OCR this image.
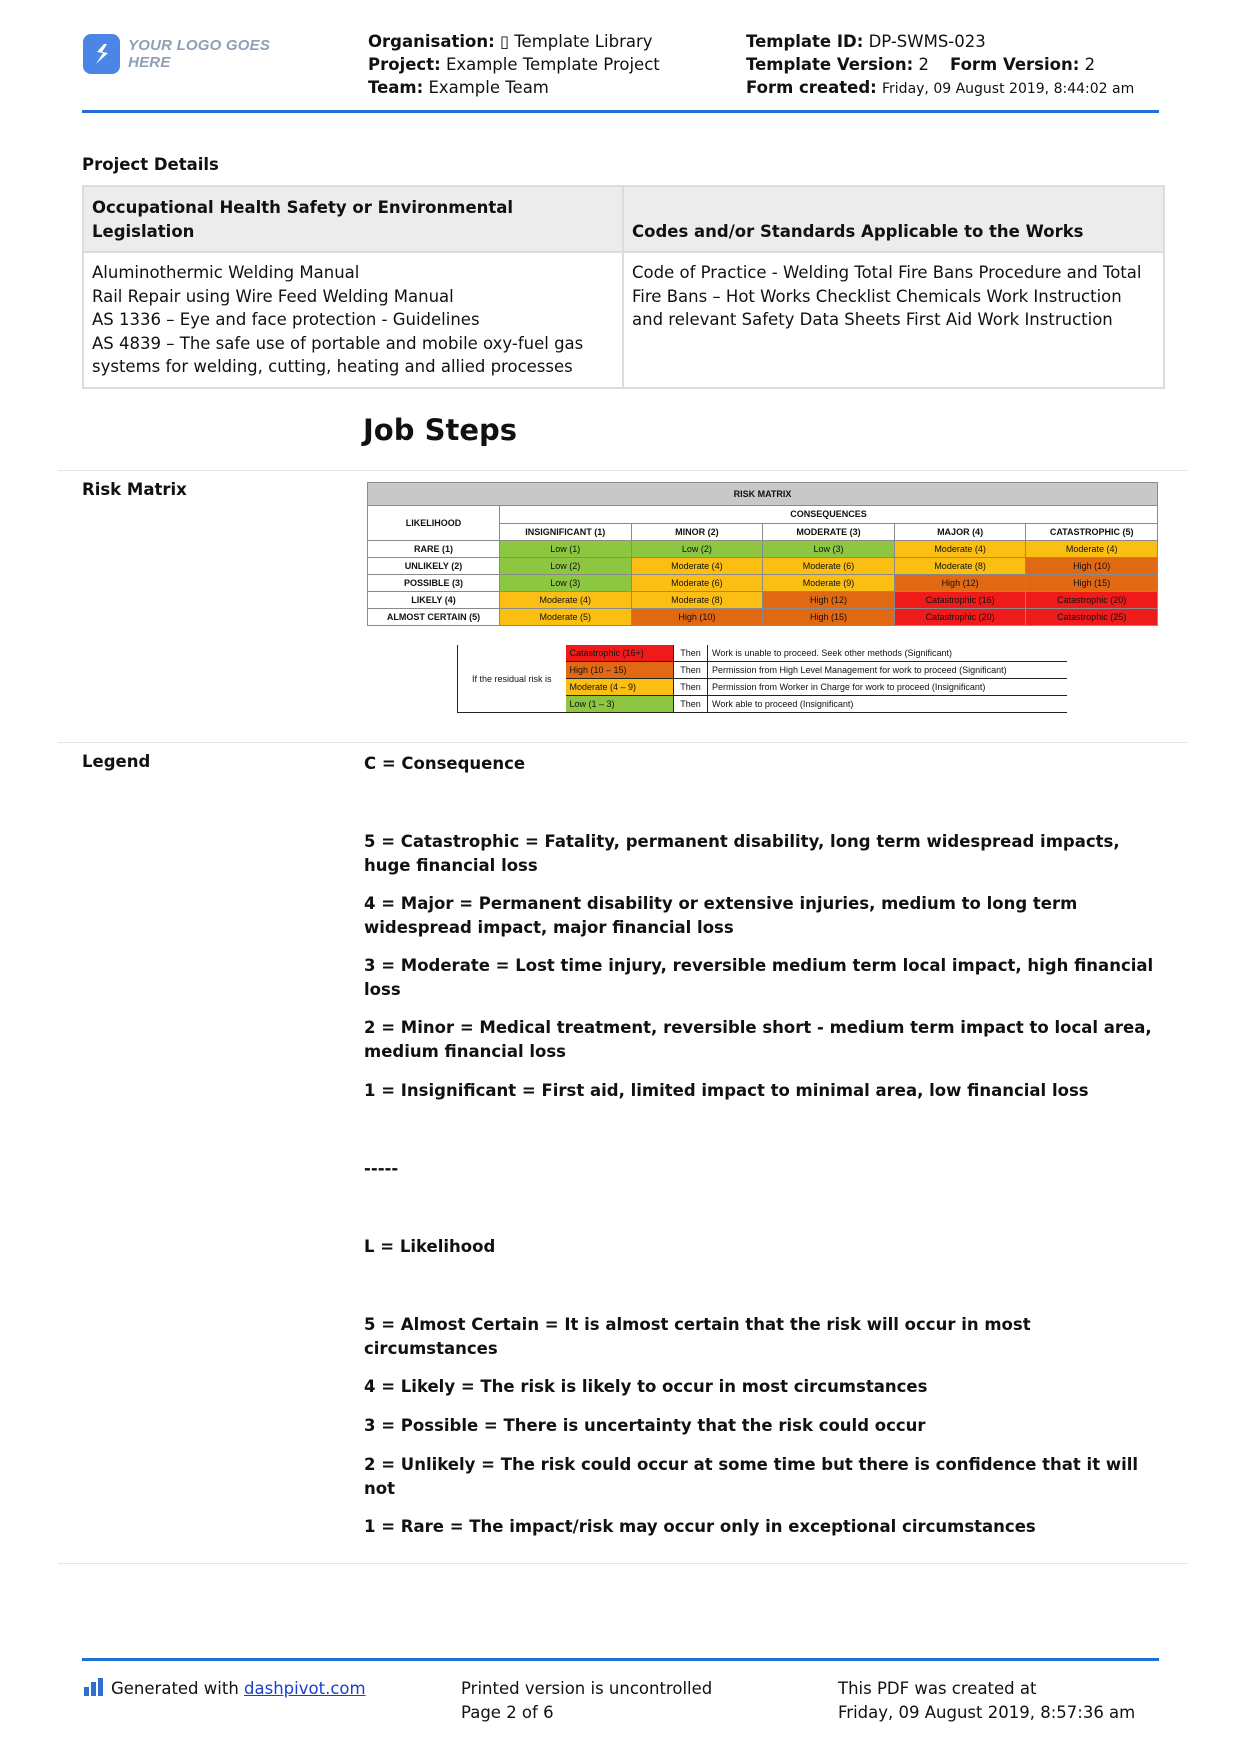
YOUR LOGO GOES HERE
Organisation: ▯ Template Library
Project: Example Template Project
Team: Example Team
Template ID: DP-SWMS-023
Template Version: 2 Form Version: 2
Form created: Friday, 09 August 2019, 8:44:02 am
Project Details
Occupational Health Safety or Environmental Legislation	Codes and/or Standards Applicable to the Works

Aluminothermic Welding Manual
Rail Repair using Wire Feed Welding Manual
AS 1336 – Eye and face protection - Guidelines
AS 4839 – The safe use of portable and mobile oxy-fuel gas systems for welding, cutting, heating and allied processes	Code of Practice - Welding Total Fire Bans Procedure and Total Fire Bans – Hot Works Checklist Chemicals Work Instruction and relevant Safety Data Sheets First Aid Work Instruction
Job Steps
Risk Matrix	RISK MATRIX					
LIKELIHOOD	CONSEQUENCES				
	INSIGNIFICANT (1)	MINOR (2)	MODERATE (3)	MAJOR (4)	CATASTROPHIC (5)
RARE (1)	Low (1)	Low (2)	Low (3)	Moderate (4)	Moderate (4)
UNLIKELY (2)	Low (2)	Moderate (4)	Moderate (6)	Moderate (8)	High (10)
POSSIBLE (3)	Low (3)	Moderate (6)	Moderate (9)	High (12)	High (15)
LIKELY (4)	Moderate (4)	Moderate (8)	High (12)	Catastrophic (16)	Catastrophic (20)
ALMOST CERTAIN (5)	Moderate (5)	High (10)	High (15)	Catastrophic (20)	Catastrophic (25)
If the residual risk is	Catastrophic (16+)	Then	Work is unable to proceed. Seek other methods (Significant)
	High (10 – 15)	Then	Permission from High Level Management for work to proceed (Significant)
	Moderate (4 – 9)	Then	Permission from Worker in Charge for work to proceed (Insignificant)
	Low (1 – 3)	Then	Work able to proceed (Insignificant)
Legend	C = Consequence
5 = Catastrophic = Fatality, permanent disability, long term widespread impacts, huge financial loss
4 = Major = Permanent disability or extensive injuries, medium to long term widespread impact, major financial loss
3 = Moderate = Lost time injury, reversible medium term local impact, high financial loss
2 = Minor = Medical treatment, reversible short - medium term impact to local area, medium financial loss
1 = Insignificant = First aid, limited impact to minimal area, low financial loss
-----
L = Likelihood
5 = Almost Certain = It is almost certain that the risk will occur in most circumstances
4 = Likely = The risk is likely to occur in most circumstances
3 = Possible = There is uncertainty that the risk could occur
2 = Unlikely = The risk could occur at some time but there is confidence that it will not
1 = Rare = The impact/risk may occur only in exceptional circumstances
Generated with dashpivot.com	Printed version is uncontrolled
Page 2 of 6
This PDF was created at
Friday, 09 August 2019, 8:57:36 am
